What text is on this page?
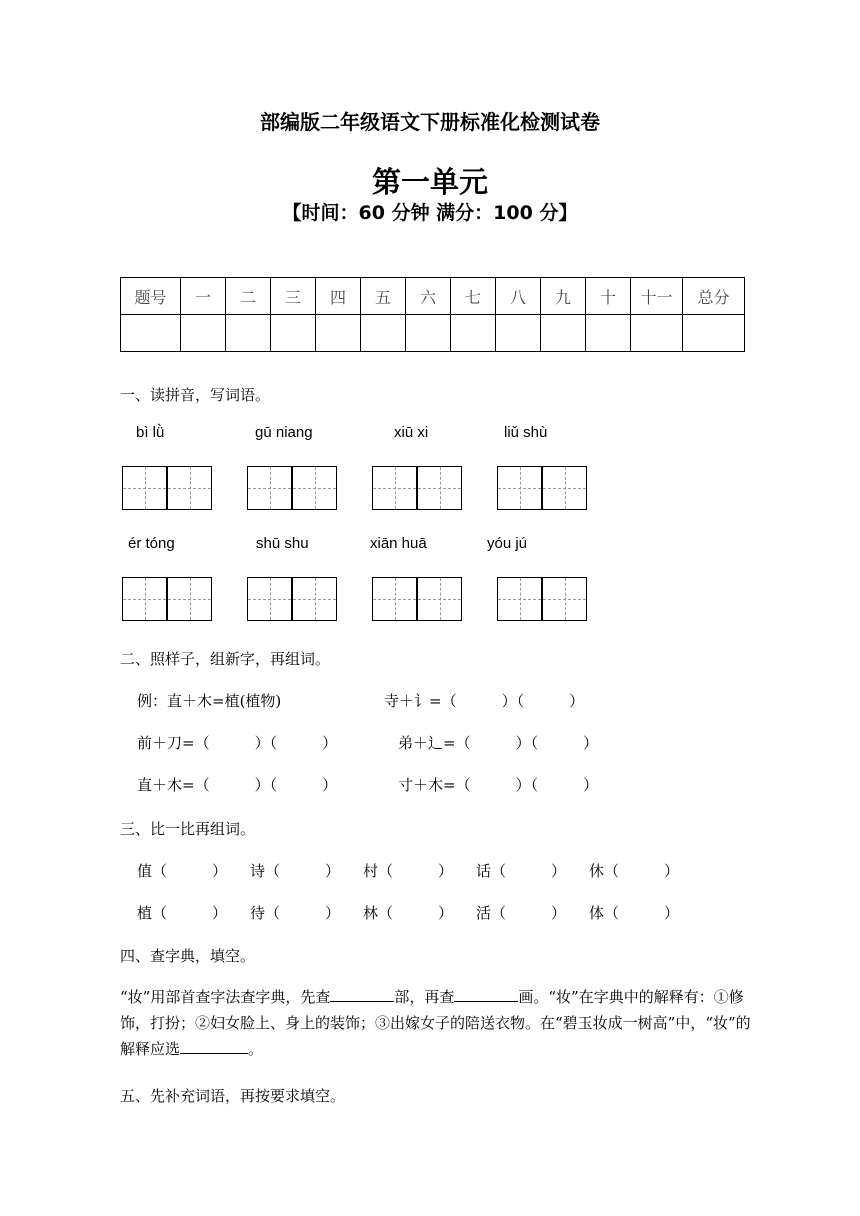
部编版二年级语文下册标准化检测试卷
第一单元
【时间：60 分钟 满分：100 分】
题号	一	二	三	四	五	六	七	八	九	十	十一	总分

一、读拼音，写词语。
bì lǜ	gū niang	xiū xi	liǔ shù
ér tóng	shū shu	xiān huā	yóu jú
二、照样子，组新字，再组词。
例：直＋木=植(植物)	寺＋讠=（　　　）（　　　）
前＋刀=（　　　）（　　　）	弟＋辶=（　　　）（　　　）
直＋木=（　　　）（　　　）	寸＋木=（　　　）（　　　）
三、比一比再组词。
值（　　　） 诗（　　　） 村（　　　） 话（　　　） 休（　　　）
植（　　　） 待（　　　） 林（　　　） 活（　　　） 体（　　　）
四、查字典，填空。
“妆”用部首查字法查字典，先查	部，再查	画。“妆”在字典中的解释有：①修饰，打扮；②妇女脸上、身上的装饰；③出嫁女子的陪送衣物。在“碧玉妆成一树高”中，“妆”的解释应选	。
五、先补充词语，再按要求填空。
